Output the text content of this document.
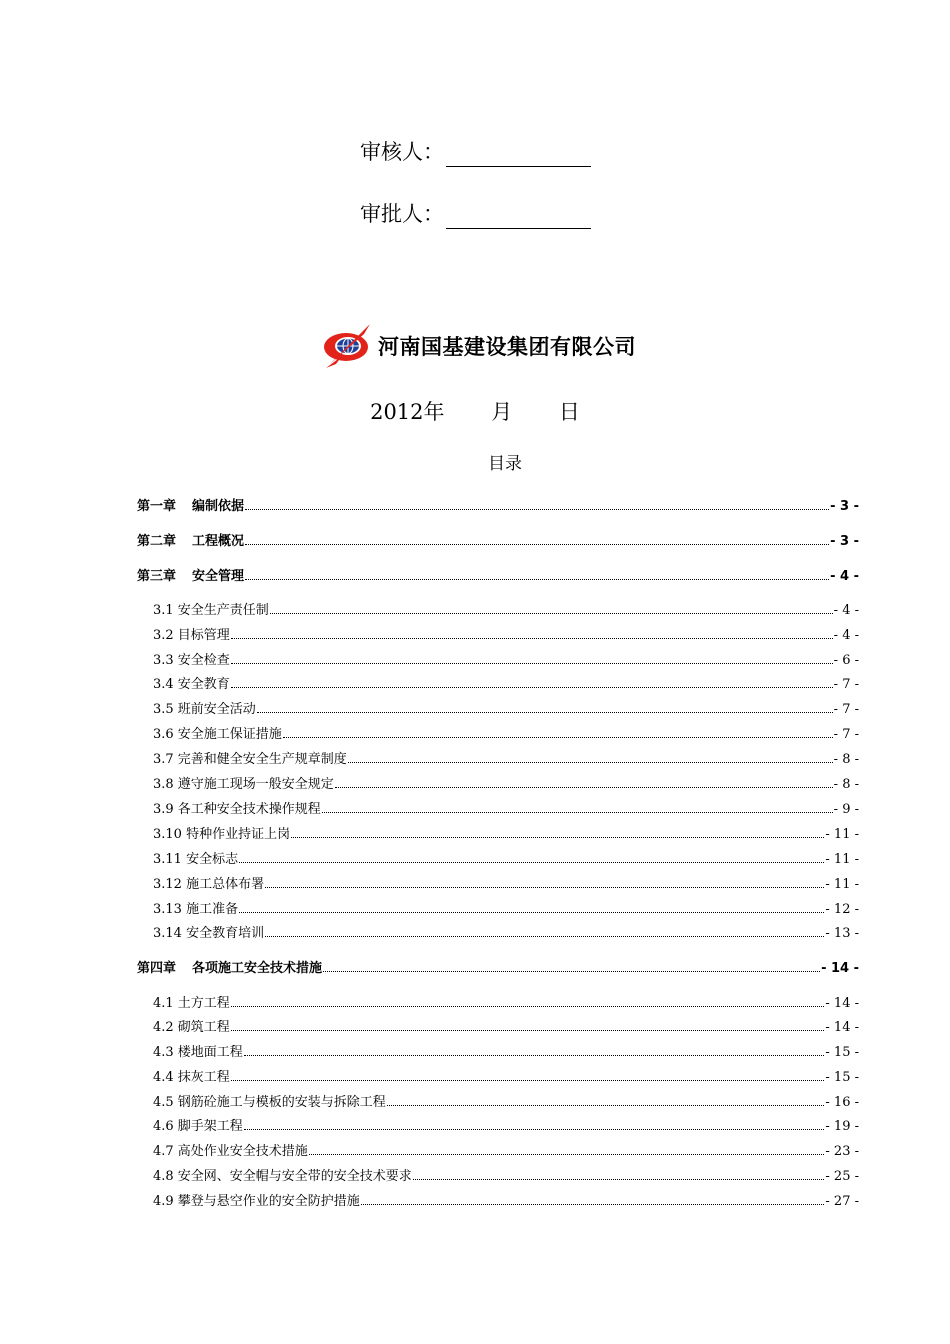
审核人：
审批人：
河南国基建设集团有限公司
2012年 月 日
目录
第一章 编制依据	- 3 -
第二章 工程概况	- 3 -
第三章 安全管理	- 4 -
3.1 安全生产责任制	- 4 -
3.2 目标管理	- 4 -
3.3 安全检查	- 6 -
3.4 安全教育	- 7 -
3.5 班前安全活动	- 7 -
3.6 安全施工保证措施	- 7 -
3.7 完善和健全安全生产规章制度	- 8 -
3.8 遵守施工现场一般安全规定	- 8 -
3.9 各工种安全技术操作规程	- 9 -
3.10 特种作业持证上岗	- 11 -
3.11 安全标志	- 11 -
3.12 施工总体布署	- 11 -
3.13 施工准备	- 12 -
3.14 安全教育培训	- 13 -
第四章 各项施工安全技术措施	- 14 -
4.1 土方工程	- 14 -
4.2 砌筑工程	- 14 -
4.3 楼地面工程	- 15 -
4.4 抹灰工程	- 15 -
4.5 钢筋砼施工与模板的安装与拆除工程	- 16 -
4.6 脚手架工程	- 19 -
4.7 高处作业安全技术措施	- 23 -
4.8 安全网、安全帽与安全带的安全技术要求	- 25 -
4.9 攀登与悬空作业的安全防护措施	- 27 -
